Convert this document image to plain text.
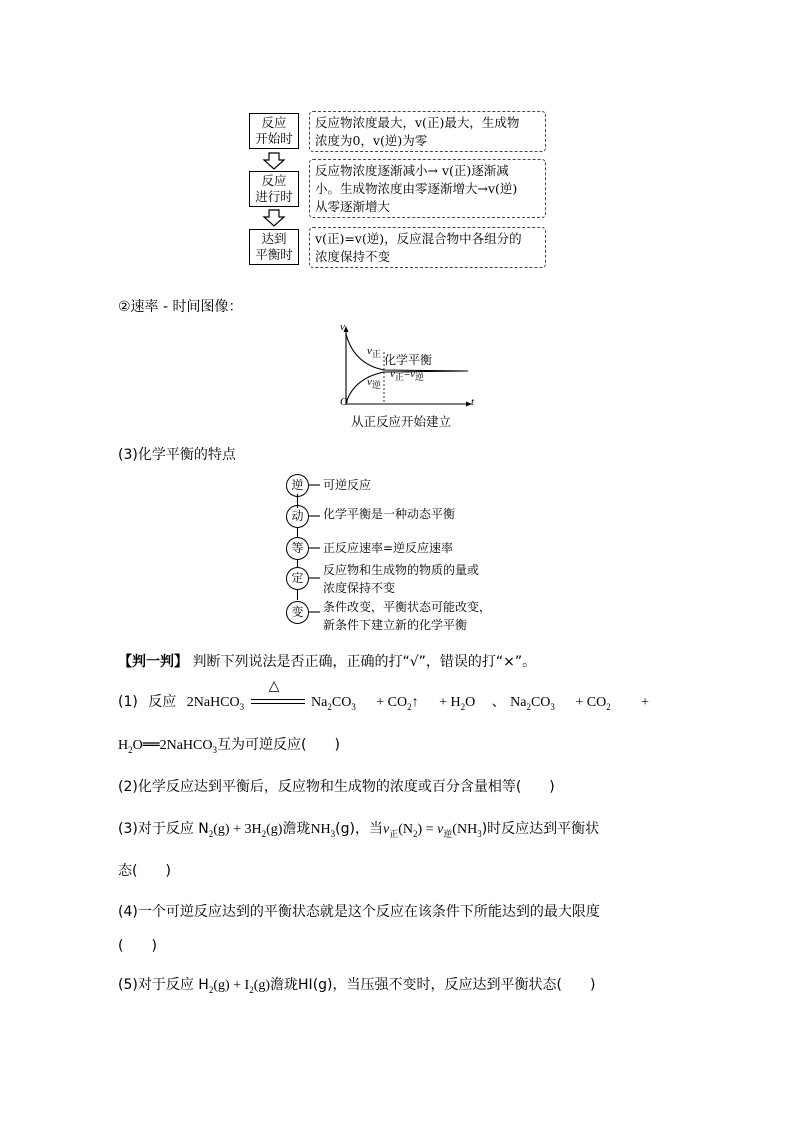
反应
开始时
反应物浓度最大，v(正)最大，生成物
浓度为0，v(逆)为零
反应
进行时
反应物浓度逐渐减小→ v(正)逐渐减
小。生成物浓度由零逐渐增大→v(逆)
从零逐渐增大
达到
平衡时
v(正)=v(逆)，反应混合物中各组分的
浓度保持不变
②速率 - 时间图像：
v
t
O
$v_正$
$v_逆$
化学平衡
$v_正=v_逆$
从正反应开始建立
(3)化学平衡的特点
逆	可逆反应
动	化学平衡是一种动态平衡
等	正反应速率=逆反应速率
定
反应物和生成物的物质的量或
浓度保持不变
变	条件改变，平衡状态可能改变，
新条件下建立新的化学平衡
【判一判】 判断下列说法是否正确，正确的打“√”，错误的打“×”。
(1) 反应 2NaHCO$_3$
△
$Na_2CO_3$ + $CO_2↑ + H_2O$ 、 $Na_2CO_3 + CO_2$ +
$H_2O══2NaHCO_3$互为可逆反应(　　)
(2)化学反应达到平衡后，反应物和生成物的浓度或百分含量相等(　　)
(3)对于反应 $N_2(g) + 3H_2(g)$澹珑$NH_3(g)$，当$v_正(N_2) = v_逆(NH_3)$时反应达到平衡状
态(　　)
(4)一个可逆反应达到的平衡状态就是这个反应在该条件下所能达到的最大限度
(　　)
(5)对于反应 $H_2(g) + I_2(g)$澹珑HI(g)，当压强不变时，反应达到平衡状态(　　)
